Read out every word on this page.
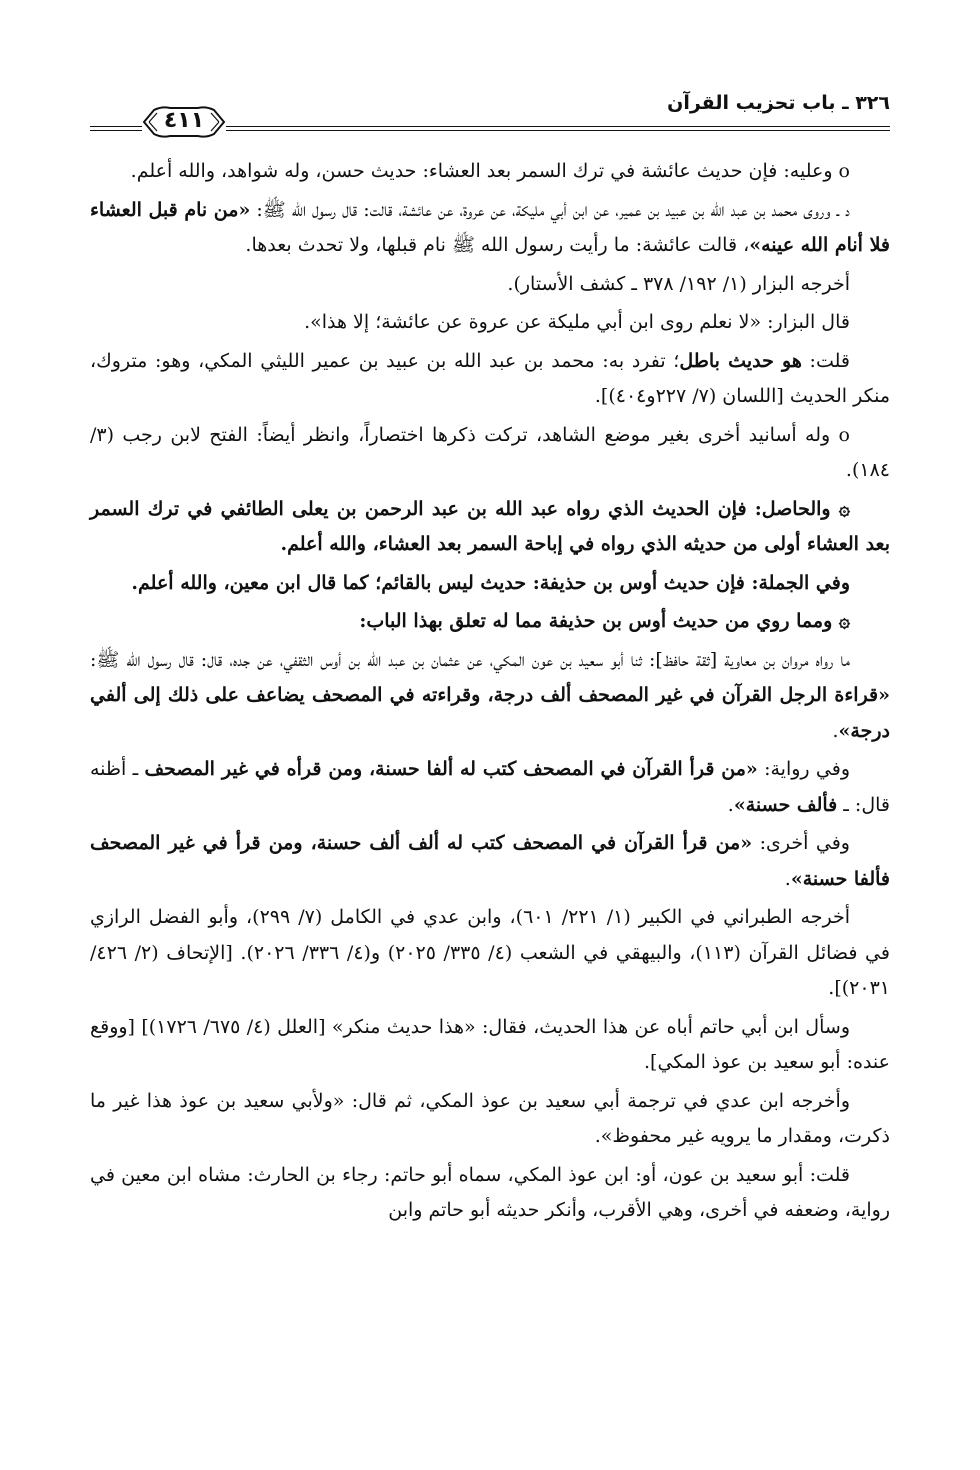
٣٢٦ ـ باب تحزيب القرآن
٤١١

o وعليه: فإن حديث عائشة في ترك السمر بعد العشاء: حديث حسن، وله شواهد، والله أعلم.

د ـ وروى محمد بن عبد الله بن عبيد بن عمير، عن ابن أبي مليكة، عن عروة، عن عائشة، قالت: قال رسول الله ﷺ: «من نام قبل العشاء فلا أنام الله عينه»، قالت عائشة: ما رأيت رسول الله ﷺ نام قبلها، ولا تحدث بعدها.

أخرجه البزار (١/ ١٩٢/ ٣٧٨ ـ كشف الأستار).

قال البزار: «لا نعلم روى ابن أبي مليكة عن عروة عن عائشة؛ إلا هذا».

قلت: هو حديث باطل؛ تفرد به: محمد بن عبد الله بن عبيد بن عمير الليثي المكي، وهو: متروك، منكر الحديث [اللسان (٧/ ٢٢٧و٤٠٤)].

o وله أسانيد أخرى بغير موضع الشاهد، تركت ذكرها اختصاراً، وانظر أيضاً: الفتح لابن رجب (٣/ ١٨٤).

۞ والحاصل: فإن الحديث الذي رواه عبد الله بن عبد الرحمن بن يعلى الطائفي في ترك السمر بعد العشاء أولى من حديثه الذي رواه في إباحة السمر بعد العشاء، والله أعلم.

وفي الجملة: فإن حديث أوس بن حذيفة: حديث ليس بالقائم؛ كما قال ابن معين، والله أعلم.

۞ ومما روي من حديث أوس بن حذيفة مما له تعلق بهذا الباب:

ما رواه مروان بن معاوية [ثقة حافظ]: ثنا أبو سعيد بن عون المكي، عن عثمان بن عبد الله بن أوس الثقفي، عن جده، قال: قال رسول الله ﷺ: «قراءة الرجل القرآن في غير المصحف ألف درجة، وقراءته في المصحف يضاعف على ذلك إلى ألفي درجة».

وفي رواية: «من قرأ القرآن في المصحف كتب له ألفا حسنة، ومن قرأه في غير المصحف ـ أظنه قال: ـ فألف حسنة».

وفي أخرى: «من قرأ القرآن في المصحف كتب له ألف ألف حسنة، ومن قرأ في غير المصحف فألفا حسنة».

أخرجه الطبراني في الكبير (١/ ٢٢١/ ٦٠١)، وابن عدي في الكامل (٧/ ٢٩٩)، وأبو الفضل الرازي في فضائل القرآن (١١٣)، والبيهقي في الشعب (٤/ ٣٣٥/ ٢٠٢٥) و(٤/ ٣٣٦/ ٢٠٢٦). [الإتحاف (٢/ ٤٢٦/ ٢٠٣١)].

وسأل ابن أبي حاتم أباه عن هذا الحديث، فقال: «هذا حديث منكر» [العلل (٤/ ٦٧٥/ ١٧٢٦)] [ووقع عنده: أبو سعيد بن عوذ المكي].

وأخرجه ابن عدي في ترجمة أبي سعيد بن عوذ المكي، ثم قال: «ولأبي سعيد بن عوذ هذا غير ما ذكرت، ومقدار ما يرويه غير محفوظ».

قلت: أبو سعيد بن عون، أو: ابن عوذ المكي، سماه أبو حاتم: رجاء بن الحارث: مشاه ابن معين في رواية، وضعفه في أخرى، وهي الأقرب، وأنكر حديثه أبو حاتم وابن
